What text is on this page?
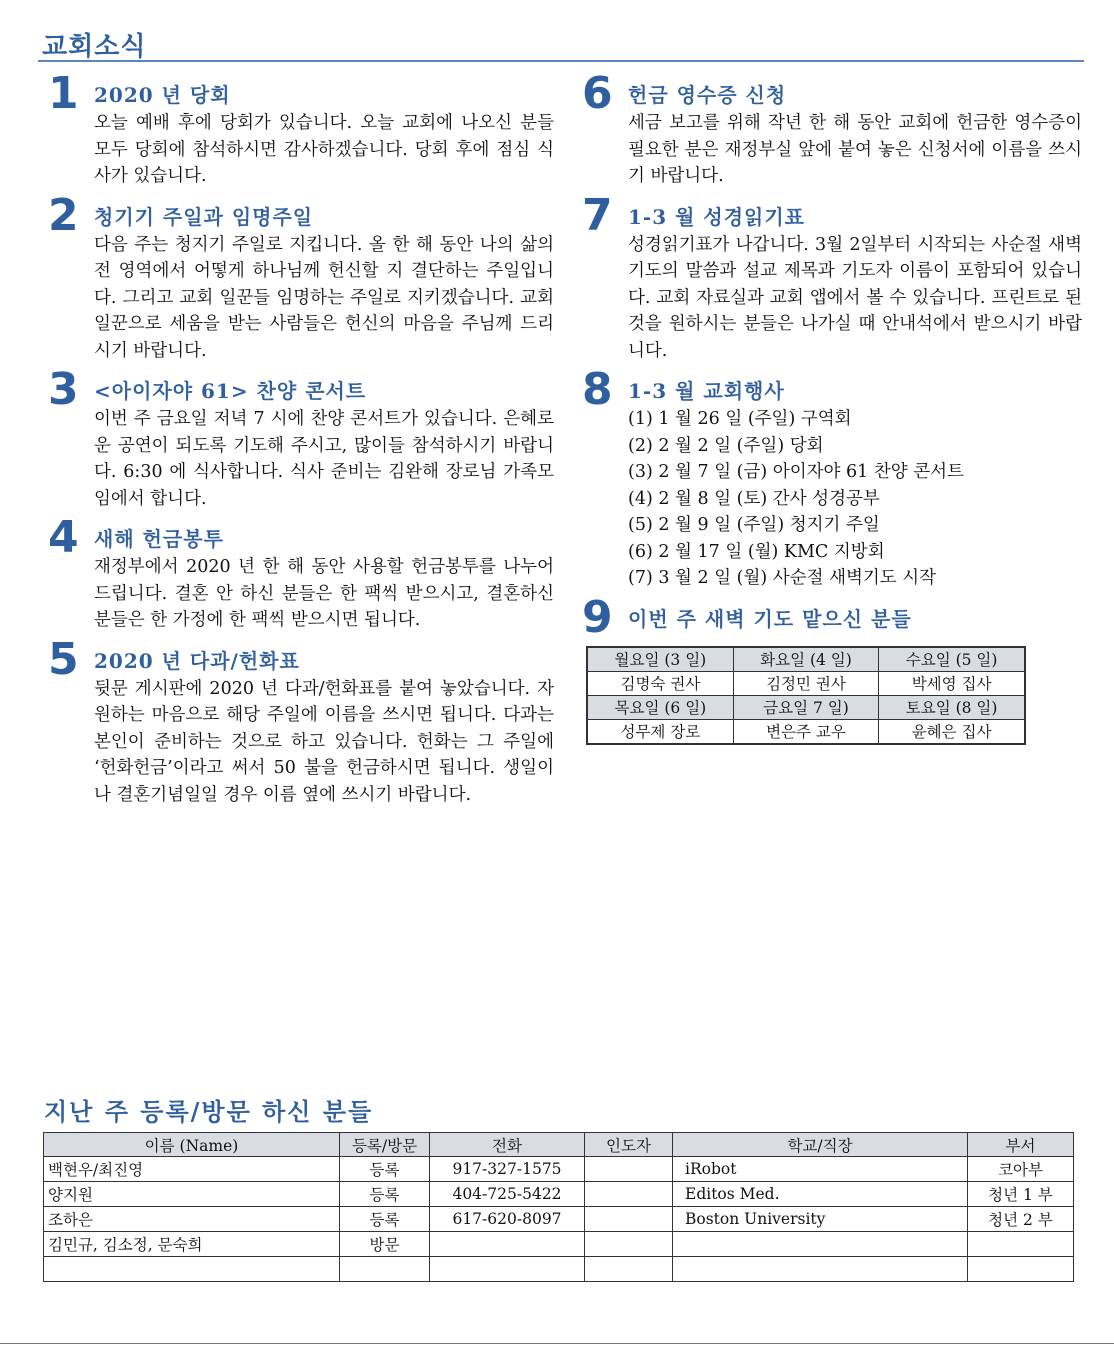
교회소식
1 2020 년 당회
오늘 예배 후에 당회가 있습니다. 오늘 교회에 나오신 분들 모두 당회에 참석하시면 감사하겠습니다. 당회 후에 점심 식사가 있습니다.
2 청기기 주일과 임명주일
다음 주는 청지기 주일로 지킵니다. 올 한 해 동안 나의 삶의 전 영역에서 어떻게 하나님께 헌신할 지 결단하는 주일입니다. 그리고 교회 일꾼들 임명하는 주일로 지키겠습니다. 교회 일꾼으로 세움을 받는 사람들은 헌신의 마음을 주님께 드리시기 바랍니다.
3 <아이자야 61> 찬양 콘서트
이번 주 금요일 저녁 7 시에 찬양 콘서트가 있습니다. 은혜로운 공연이 되도록 기도해 주시고, 많이들 참석하시기 바랍니다. 6:30 에 식사합니다. 식사 준비는 김완해 장로님 가족모임에서 합니다.
4 새해 헌금봉투
재정부에서 2020 년 한 해 동안 사용할 헌금봉투를 나누어 드립니다. 결혼 안 하신 분들은 한 팩씩 받으시고, 결혼하신 분들은 한 가정에 한 팩씩 받으시면 됩니다.
5 2020 년 다과/헌화표
뒷문 게시판에 2020 년 다과/헌화표를 붙여 놓았습니다. 자원하는 마음으로 해당 주일에 이름을 쓰시면 됩니다. 다과는 본인이 준비하는 것으로 하고 있습니다. 헌화는 그 주일에 ‘헌화헌금’이라고 써서 50 불을 헌금하시면 됩니다. 생일이나 결혼기념일일 경우 이름 옆에 쓰시기 바랍니다.
6 헌금 영수증 신청
세금 보고를 위해 작년 한 해 동안 교회에 헌금한 영수증이 필요한 분은 재정부실 앞에 붙여 놓은 신청서에 이름을 쓰시기 바랍니다.
7 1-3 월 성경읽기표
성경읽기표가 나갑니다. 3월 2일부터 시작되는 사순절 새벽 기도의 말씀과 설교 제목과 기도자 이름이 포함되어 있습니다. 교회 자료실과 교회 앱에서 볼 수 있습니다. 프린트로 된 것을 원하시는 분들은 나가실 때 안내석에서 받으시기 바랍니다.
8 1-3 월 교회행사
(1) 1 월 26 일 (주일) 구역회
(2) 2 월 2 일 (주일) 당회
(3) 2 월 7 일 (금) 아이자야 61 찬양 콘서트
(4) 2 월 8 일 (토) 간사 성경공부
(5) 2 월 9 일 (주일) 청지기 주일
(6) 2 월 17 일 (월) KMC 지방회
(7) 3 월 2 일 (월) 사순절 새벽기도 시작
9 이번 주 새벽 기도 맡으신 분들
월요일 (3 일)	화요일 (4 일)	수요일 (5 일)
김명숙 권사	김정민 권사	박세영 집사
목요일 (6 일)	금요일 7 일)	토요일 (8 일)
성무제 장로	변은주 교우	윤혜은 집사
지난 주 등록/방문 하신 분들
이름 (Name)	등록/방문	전화	인도자	학교/직장	부서
백현우/최진영	등록	917-327-1575		iRobot	코아부
양지원	등록	404-725-5422		Editos Med.	청년 1 부
조하은	등록	617-620-8097		Boston University	청년 2 부
김민규, 김소정, 문숙희	방문				
